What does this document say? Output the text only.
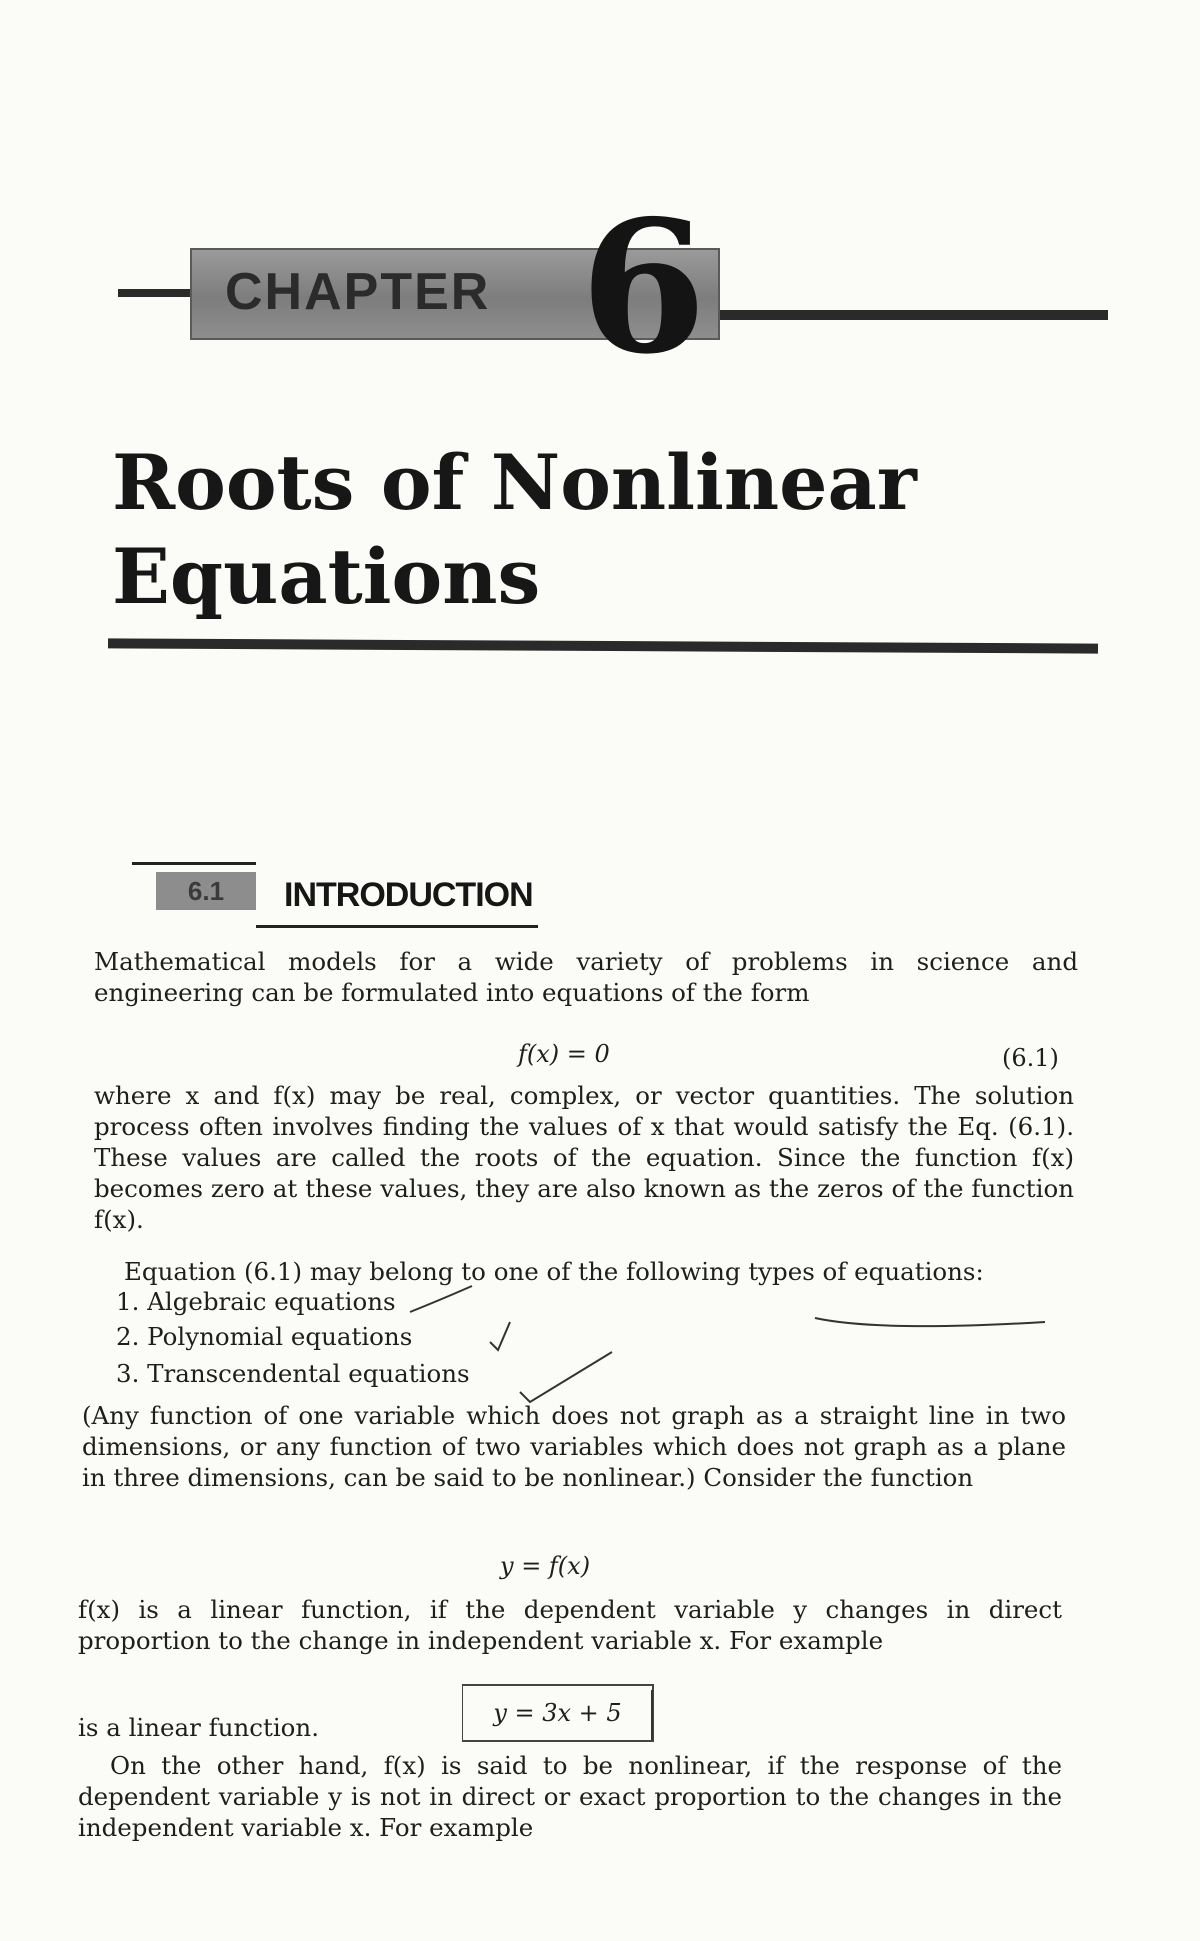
CHAPTER 6
Roots of Nonlinear
Equations
6.1	INTRODUCTION
Mathematical models for a wide variety of problems in science and engineering can be formulated into equations of the form
f(x) = 0	(6.1)
where x and f(x) may be real, complex, or vector quantities. The solution process often involves finding the values of x that would satisfy the Eq. (6.1). These values are called the roots of the equation. Since the function f(x) becomes zero at these values, they are also known as the zeros of the function f(x).
Equation (6.1) may belong to one of the following types of equations:
1. Algebraic equations
2. Polynomial equations
3. Transcendental equations
(Any function of one variable which does not graph as a straight line in two dimensions, or any function of two variables which does not graph as a plane in three dimensions, can be said to be nonlinear.) Consider the function
y = f(x)
f(x) is a linear function, if the dependent variable y changes in direct proportion to the change in independent variable x. For example
y = 3x + 5
is a linear function.
On the other hand, f(x) is said to be nonlinear, if the response of the dependent variable y is not in direct or exact proportion to the changes in the independent variable x. For example
